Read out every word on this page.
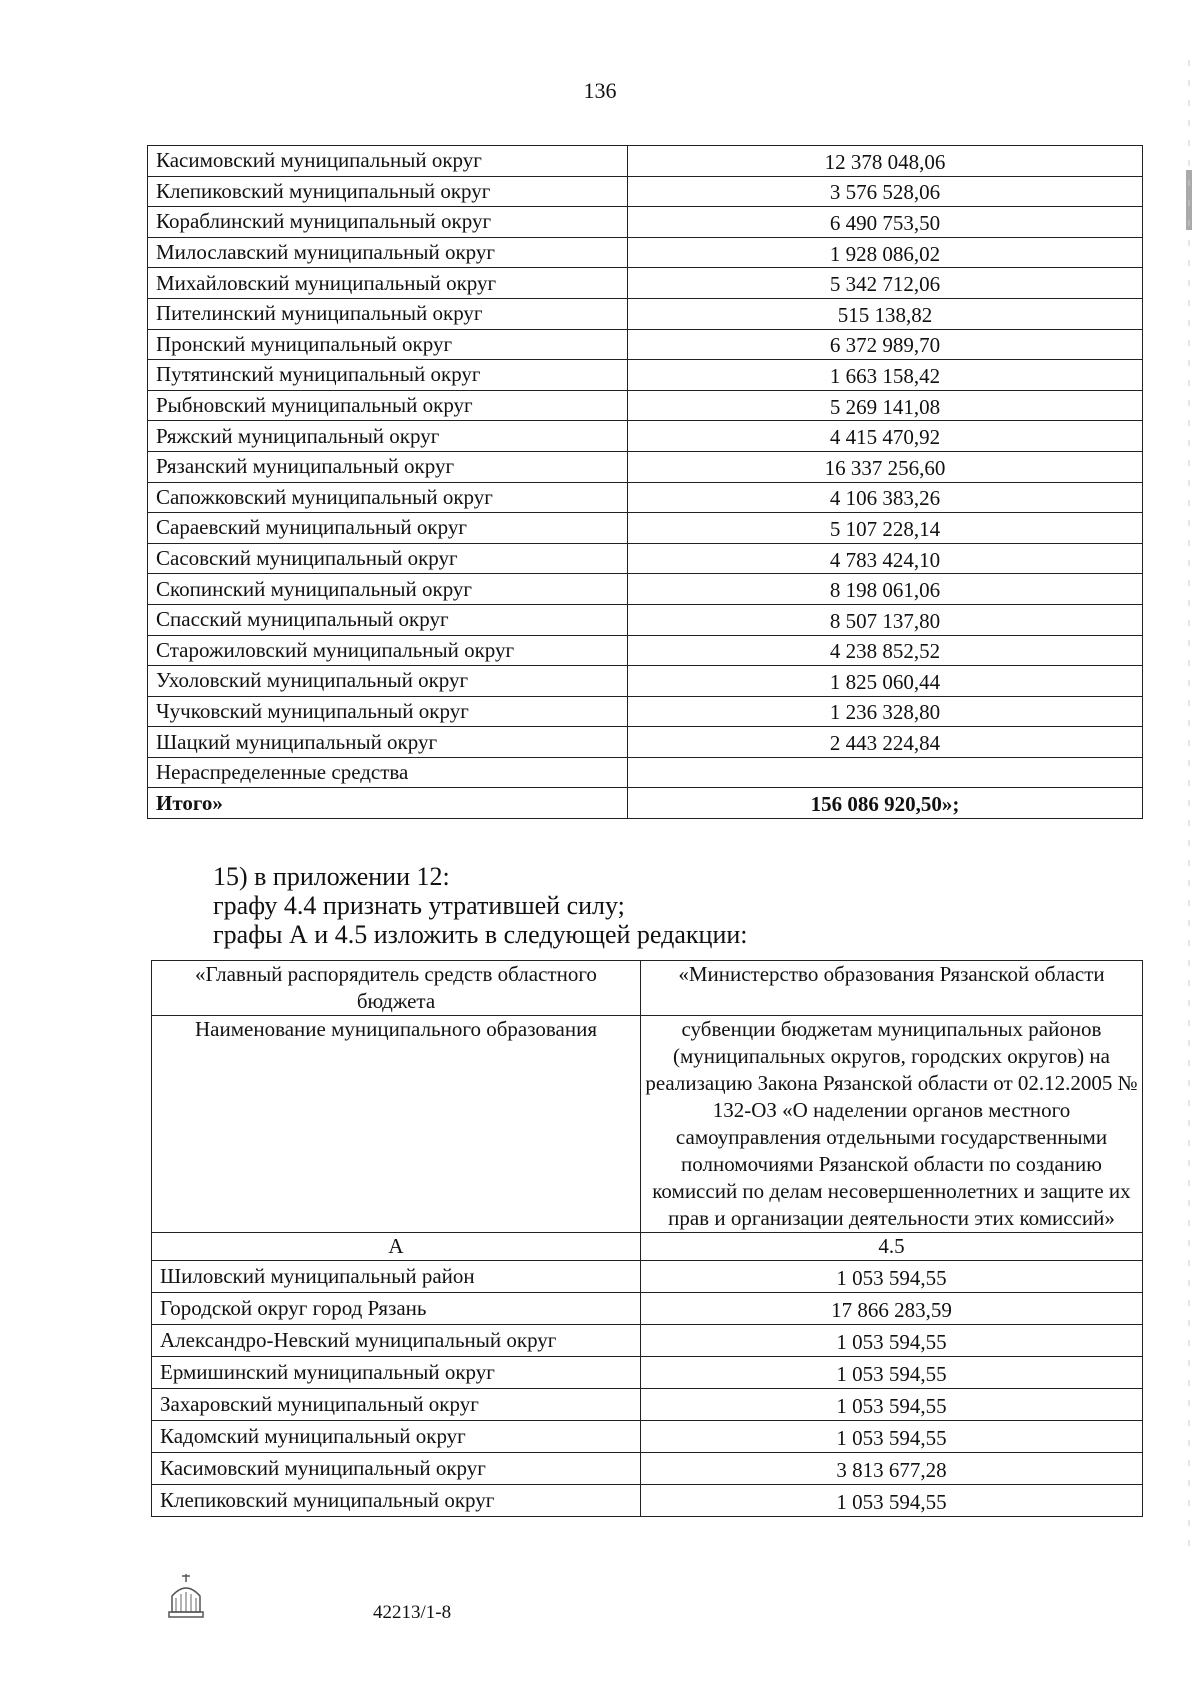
136
Касимовский муниципальный округ	12 378 048,06
Клепиковский муниципальный округ	3 576 528,06
Кораблинский муниципальный округ	6 490 753,50
Милославский муниципальный округ	1 928 086,02
Михайловский муниципальный округ	5 342 712,06
Пителинский муниципальный округ	515 138,82
Пронский муниципальный округ	6 372 989,70
Путятинский муниципальный округ	1 663 158,42
Рыбновский муниципальный округ	5 269 141,08
Ряжский муниципальный округ	4 415 470,92
Рязанский муниципальный округ	16 337 256,60
Сапожковский муниципальный округ	4 106 383,26
Сараевский муниципальный округ	5 107 228,14
Сасовский муниципальный округ	4 783 424,10
Скопинский муниципальный округ	8 198 061,06
Спасский муниципальный округ	8 507 137,80
Старожиловский муниципальный округ	4 238 852,52
Ухоловский муниципальный округ	1 825 060,44
Чучковский муниципальный округ	1 236 328,80
Шацкий муниципальный округ	2 443 224,84
Нераспределенные средства	
Итого»	156 086 920,50»;
15) в приложении 12:
графу 4.4 признать утратившей силу;
графы А и 4.5 изложить в следующей редакции:
«Главный распорядитель средств областного бюджета	«Министерство образования Рязанской области
Наименование муниципального образования	субвенции бюджетам муниципальных районов (муниципальных округов, городских округов) на реализацию Закона Рязанской области от 02.12.2005 № 132-ОЗ «О наделении органов местного самоуправления отдельными государственными полномочиями Рязанской области по созданию комиссий по делам несовершеннолетних и защите их прав и организации деятельности этих комиссий»
А	4.5
Шиловский муниципальный район	1 053 594,55
Городской округ город Рязань	17 866 283,59
Александро-Невский муниципальный округ	1 053 594,55
Ермишинский муниципальный округ	1 053 594,55
Захаровский муниципальный округ	1 053 594,55
Кадомский муниципальный округ	1 053 594,55
Касимовский муниципальный округ	3 813 677,28
Клепиковский муниципальный округ	1 053 594,55
42213/1-8
